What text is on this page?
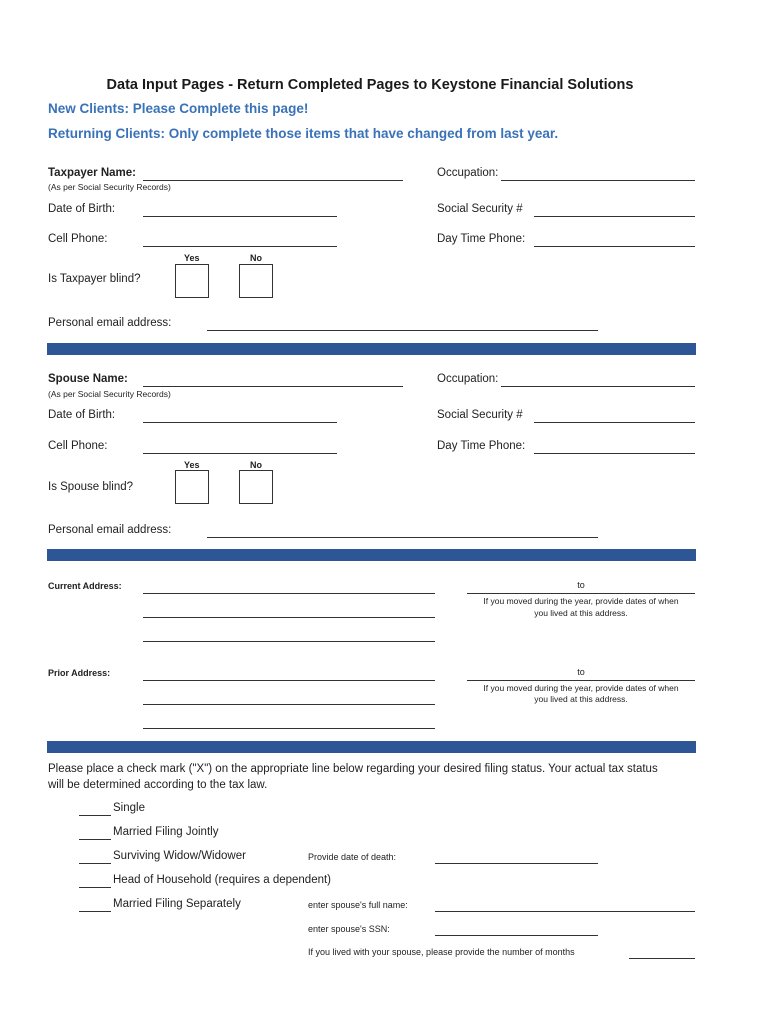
Data Input Pages - Return Completed Pages to Keystone Financial Solutions
New Clients: Please Complete this page!
Returning Clients: Only complete those items that have changed from last year.
Taxpayer Name:
(As per Social Security Records)
Occupation:
Date of Birth:	Social Security #
Cell Phone:	Day Time Phone:
Yes	No
Is Taxpayer blind?
Personal email address:
Spouse Name:
(As per Social Security Records)
Occupation:
Date of Birth:	Social Security #
Cell Phone:	Day Time Phone:
Yes	No
Is Spouse blind?
Personal email address:
Current Address:	to
If you moved during the year, provide dates of when
you lived at this address.
Prior Address:	to
If you moved during the year, provide dates of when
you lived at this address.
Please place a check mark ("X") on the appropriate line below regarding your desired filing status. Your actual tax status
will be determined according to the tax law.
Single
Married Filing Jointly
Surviving Widow/Widower	Provide date of death:
Head of Household (requires a dependent)
Married Filing Separately	enter spouse's full name:
enter spouse's SSN:
If you lived with your spouse, please provide the number of months
